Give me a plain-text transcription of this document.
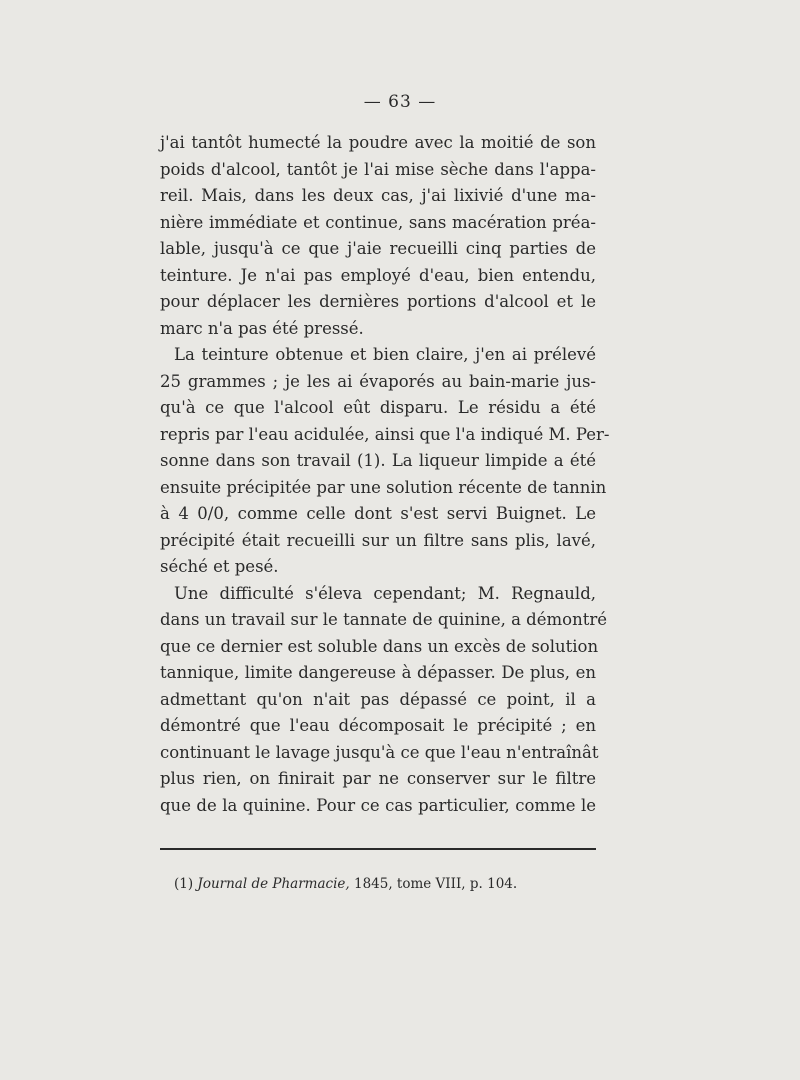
— 63 —
j'ai tantôt humecté la poudre avec la moitié de son
poids d'alcool, tantôt je l'ai mise sèche dans l'appa-
reil. Mais, dans les deux cas, j'ai lixivié d'une ma-
nière immédiate et continue, sans macération préa-
lable, jusqu'à ce que j'aie recueilli cinq parties de
teinture. Je n'ai pas employé d'eau, bien entendu,
pour déplacer les dernières portions d'alcool et le
marc n'a pas été pressé.
La teinture obtenue et bien claire, j'en ai prélevé
25 grammes ; je les ai évaporés au bain-marie jus-
qu'à ce que l'alcool eût disparu. Le résidu a été
repris par l'eau acidulée, ainsi que l'a indiqué M. Per-
sonne dans son travail (1). La liqueur limpide a été
ensuite précipitée par une solution récente de tannin
à 4 0/0, comme celle dont s'est servi Buignet. Le
précipité était recueilli sur un filtre sans plis, lavé,
séché et pesé.
Une difficulté s'éleva cependant; M. Regnauld,
dans un travail sur le tannate de quinine, a démontré
que ce dernier est soluble dans un excès de solution
tannique, limite dangereuse à dépasser. De plus, en
admettant qu'on n'ait pas dépassé ce point, il a
démontré que l'eau décomposait le précipité ; en
continuant le lavage jusqu'à ce que l'eau n'entraînât
plus rien, on finirait par ne conserver sur le filtre
que de la quinine. Pour ce cas particulier, comme le
(1) Journal de Pharmacie, 1845, tome VIII, p. 104.
